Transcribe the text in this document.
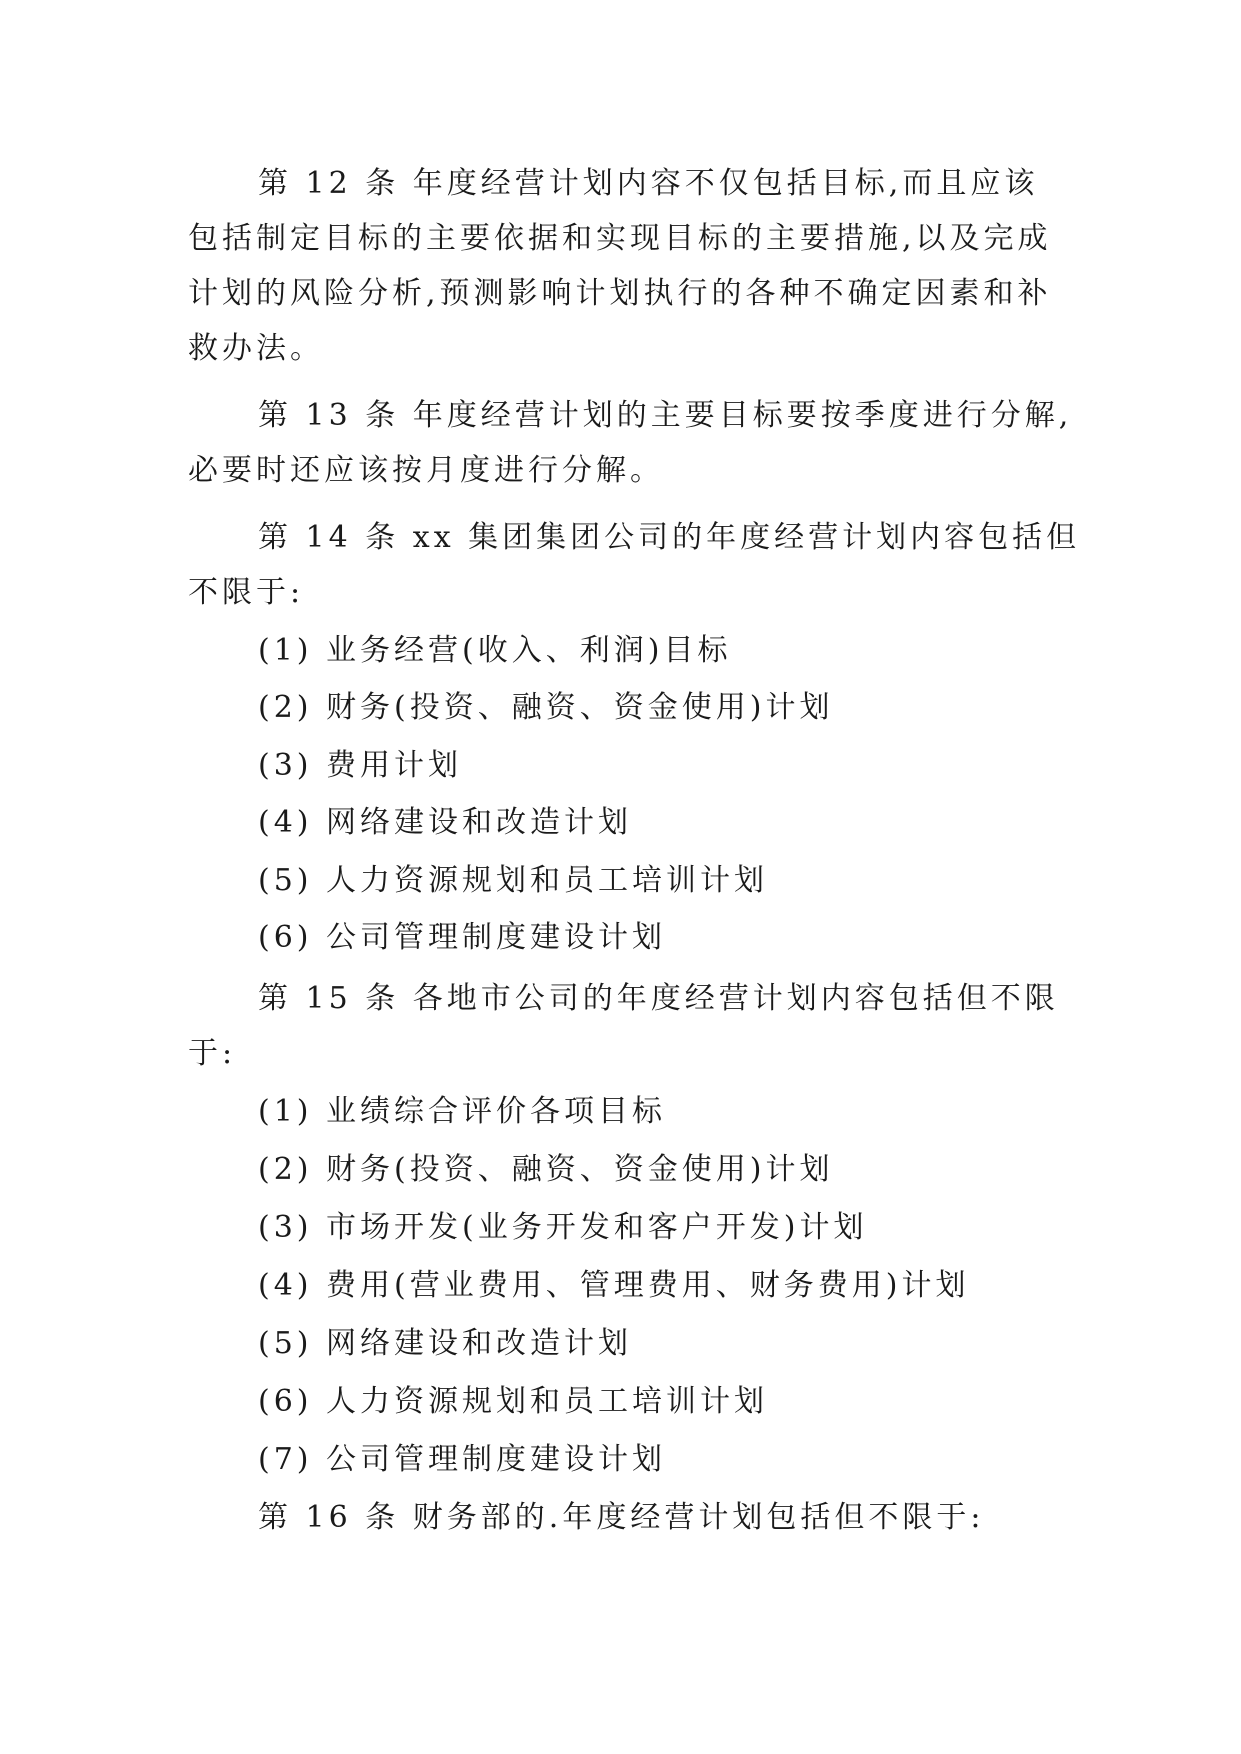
第 12 条 年度经营计划内容不仅包括目标,而且应该
包括制定目标的主要依据和实现目标的主要措施,以及完成
计划的风险分析,预测影响计划执行的各种不确定因素和补
救办法。
第 13 条 年度经营计划的主要目标要按季度进行分解,
必要时还应该按月度进行分解。
第 14 条 xx 集团集团公司的年度经营计划内容包括但
不限于:
(1) 业务经营(收入、利润)目标
(2) 财务(投资、融资、资金使用)计划
(3) 费用计划
(4) 网络建设和改造计划
(5) 人力资源规划和员工培训计划
(6) 公司管理制度建设计划
第 15 条 各地市公司的年度经营计划内容包括但不限
于:
(1) 业绩综合评价各项目标
(2) 财务(投资、融资、资金使用)计划
(3) 市场开发(业务开发和客户开发)计划
(4) 费用(营业费用、管理费用、财务费用)计划
(5) 网络建设和改造计划
(6) 人力资源规划和员工培训计划
(7) 公司管理制度建设计划
第 16 条 财务部的.年度经营计划包括但不限于:
